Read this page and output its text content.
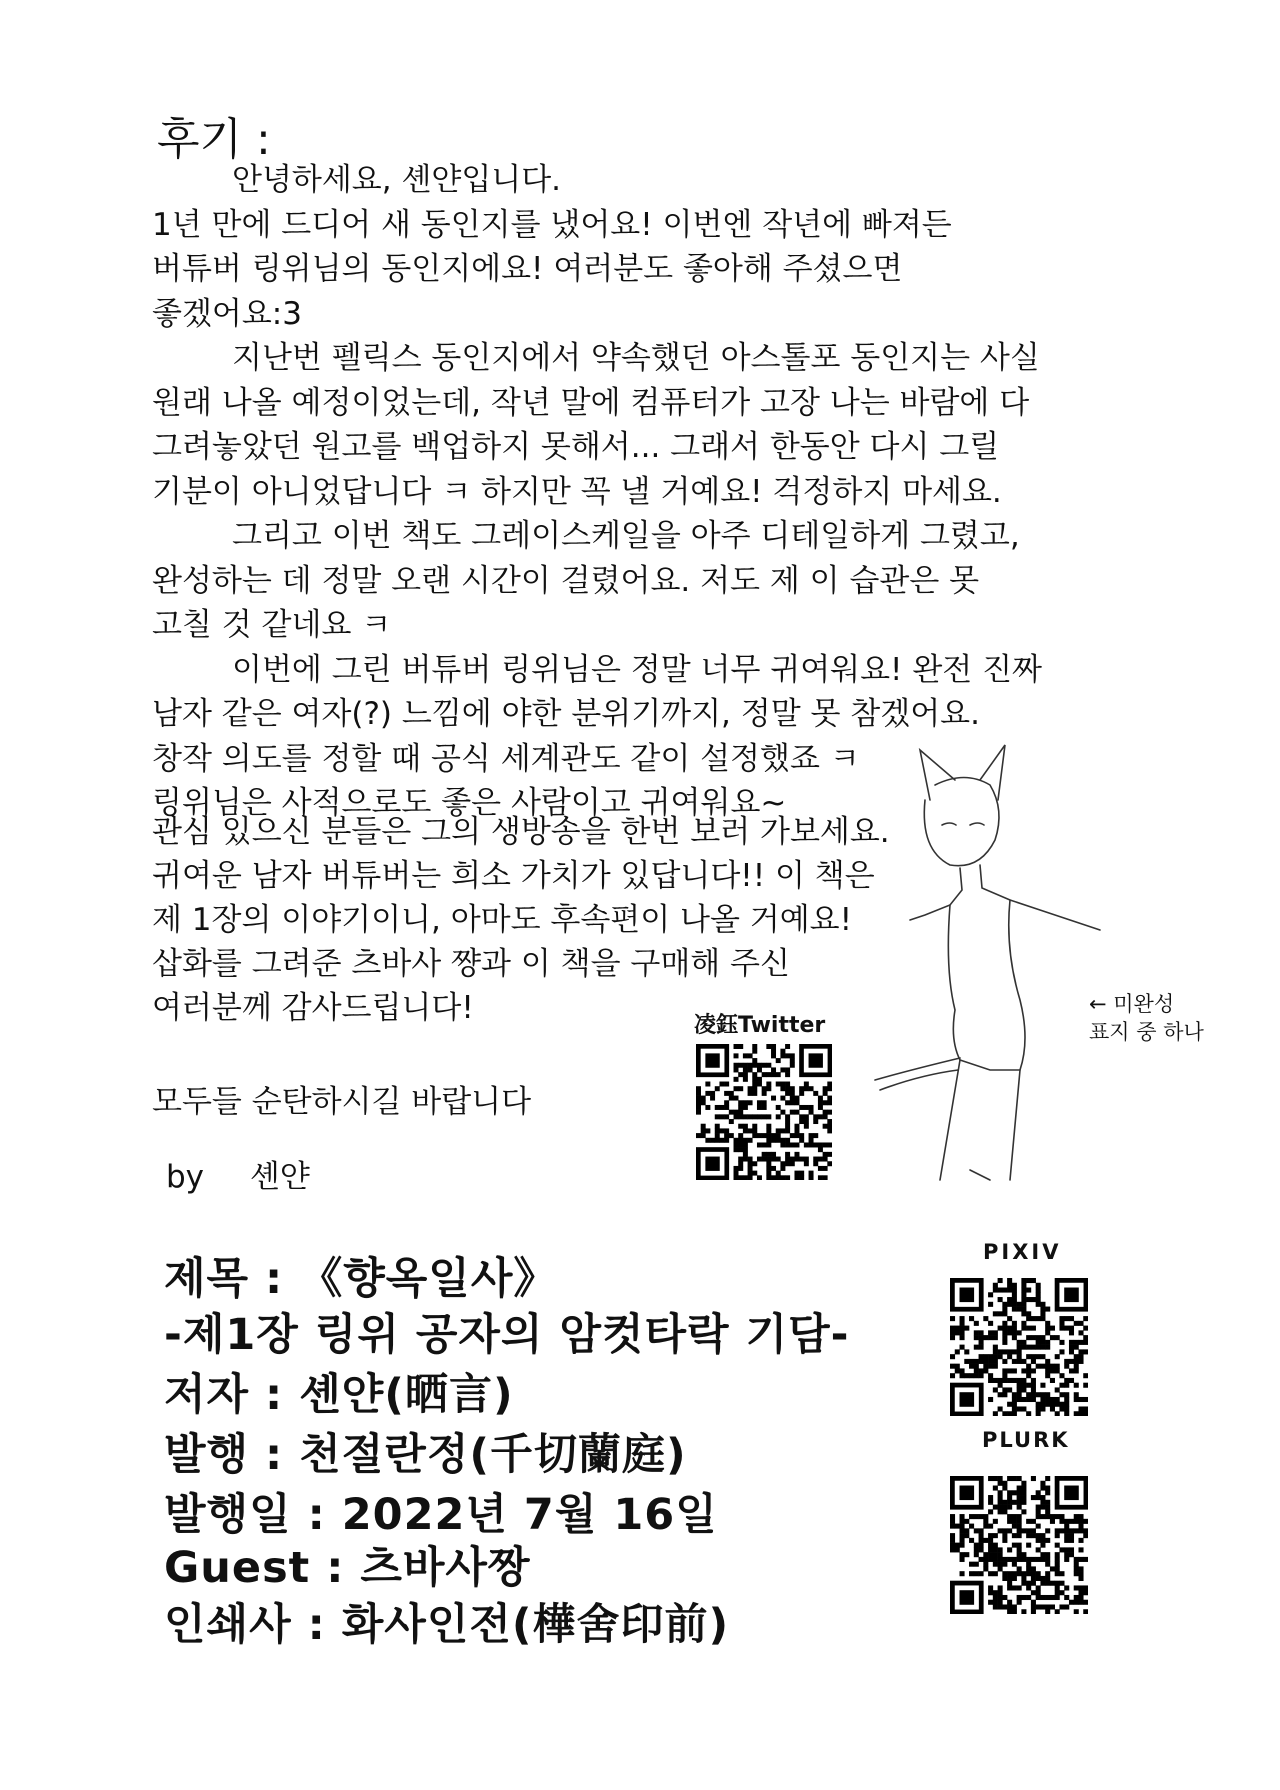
후기 :
안녕하세요, 셴얀입니다.
1년 만에 드디어 새 동인지를 냈어요! 이번엔 작년에 빠져든
버튜버 링위님의 동인지에요! 여러분도 좋아해 주셨으면
좋겠어요:3
지난번 펠릭스 동인지에서 약속했던 아스톨포 동인지는 사실
원래 나올 예정이었는데, 작년 말에 컴퓨터가 고장 나는 바람에 다
그려놓았던 원고를 백업하지 못해서... 그래서 한동안 다시 그릴
기분이 아니었답니다 ㅋ 하지만 꼭 낼 거예요! 걱정하지 마세요.
그리고 이번 책도 그레이스케일을 아주 디테일하게 그렸고,
완성하는 데 정말 오랜 시간이 걸렸어요. 저도 제 이 습관은 못
고칠 것 같네요 ㅋ
이번에 그린 버튜버 링위님은 정말 너무 귀여워요! 완전 진짜
남자 같은 여자(?) 느낌에 야한 분위기까지, 정말 못 참겠어요.
창작 의도를 정할 때 공식 세계관도 같이 설정했죠 ㅋ
링위님은 사적으로도 좋은 사람이고 귀여워요~
관심 있으신 분들은 그의 생방송을 한번 보러 가보세요.
귀여운 남자 버튜버는 희소 가치가 있답니다!! 이 책은
제 1장의 이야기이니, 아마도 후속편이 나올 거예요!
삽화를 그려준 츠바사 쨩과 이 책을 구매해 주신
여러분께 감사드립니다!
모두들 순탄하시길 바랍니다
by 셴얀
← 미완성
표지 중 하나
凌鈺Twitter
PIXIV
PLURK
제목 : 《향옥일사》
-제1장 링위 공자의 암컷타락 기담-
저자 : 셴얀(晒言)
발행 : 천절란정(千切蘭庭)
발행일 : 2022년 7월 16일
Guest : 츠바사짱
인쇄사 : 화사인전(樺舍印前)
